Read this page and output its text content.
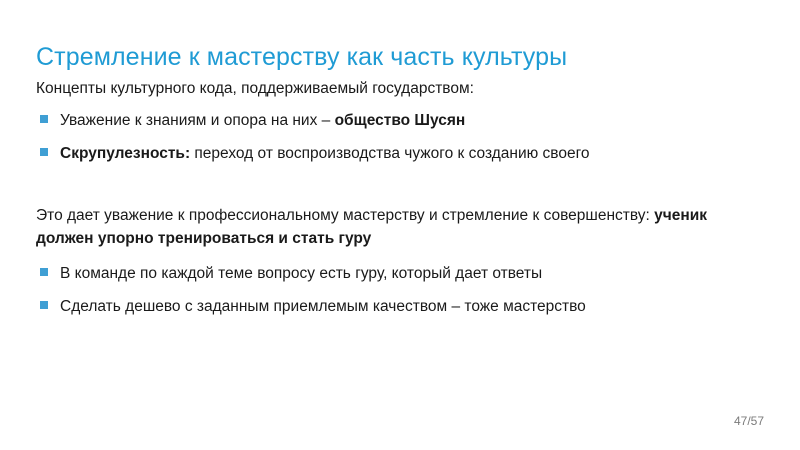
Стремление к мастерству как часть культуры

Концепты культурного кода, поддерживаемый государством:

Уважение к знаниям и опора на них – общество Шусян
Скрупулезность: переход от воспроизводства чужого к созданию своего

Это дает уважение к профессиональному мастерству и стремление к совершенству: ученик должен упорно тренироваться и стать гуру

В команде по каждой теме вопросу есть гуру, который дает ответы
Сделать дешево с заданным приемлемым качеством – тоже мастерство
47/57
